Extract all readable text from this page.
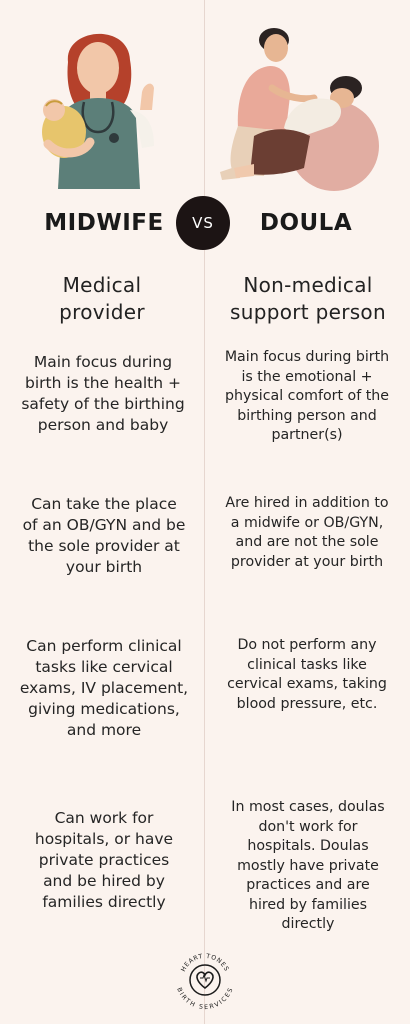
MIDWIFE	VS	DOULA
Medical provider
Non-medical support person
Main focus during birth is the health + safety of the birthing person and baby
Can take the place of an OB/GYN and be the sole provider at your birth
Can perform clinical tasks like cervical exams, IV placement, giving medications, and more
Can work for hospitals, or have private practices and be hired by families directly
Main focus during birth is the emotional + physical comfort of the birthing person and partner(s)
Are hired in addition to a midwife or OB/GYN, and are not the sole provider at your birth
Do not perform any clinical tasks like cervical exams, taking blood pressure, etc.
In most cases, doulas don't work for hospitals. Doulas mostly have private practices and are hired by families directly
HEART TONES
BIRTH SERVICES
